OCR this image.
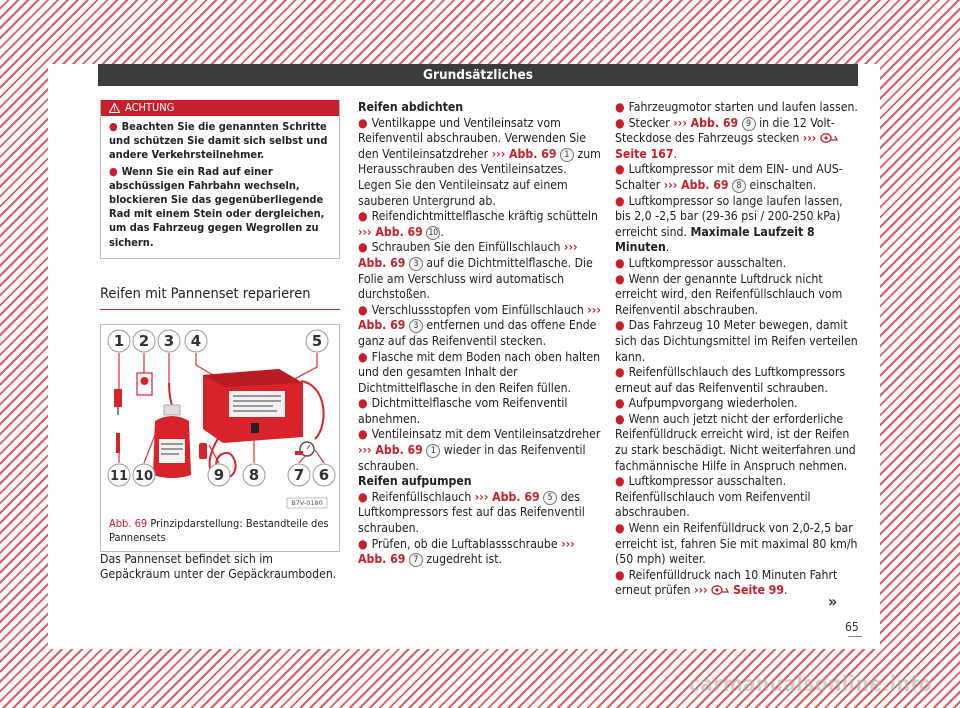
Grundsätzliches
ACHTUNG

● Beachten Sie die genannten Schritte und schützen Sie damit sich selbst und andere Verkehrsteilnehmer.

● Wenn Sie ein Rad auf einer abschüssigen Fahrbahn wechseln, blockieren Sie das gegenüberliegende Rad mit einem Stein oder dergleichen, um das Fahrzeug gegen Wegrollen zu sichern.

Reifen mit Pannenset reparieren
1 2 3 4	5
11 10	9 8 7 6
B7V-0180
Abb. 69 Prinzipdarstellung: Bestandteile des Pannensets

Das Pannenset befindet sich im Gepäckraum unter der Gepäckraumboden.

Reifen abdichten

● Ventilkappe und Ventileinsatz vom Reifenventil abschrauben. Verwenden Sie den Ventileinsatzdreher ››› Abb. 69 1 zum Herausschrauben des Ventileinsatzes. Legen Sie den Ventileinsatz auf einem sauberen Untergrund ab.

● Reifendichtmittelflasche kräftig schütteln ››› Abb. 69 10 .

● Schrauben Sie den Einfüllschlauch ››› Abb. 69 3 auf die Dichtmittelflasche. Die Folie am Verschluss wird automatisch durchstoßen.

● Verschlussstopfen vom Einfüllschlauch ››› Abb. 69 3 entfernen und das offene Ende ganz auf das Reifenventil stecken.

● Flasche mit dem Boden nach oben halten und den gesamten Inhalt der Dichtmittelflasche in den Reifen füllen.

● Dichtmittelflasche vom Reifenventil abnehmen.

● Ventileinsatz mit dem Ventileinsatzdreher ››› Abb. 69 1 wieder in das Reifenventil schrauben.

Reifen aufpumpen

● Reifenfüllschlauch ››› Abb. 69 5 des Luftkompressors fest auf das Reifenventil schrauben.

● Prüfen, ob die Luftablassschraube ››› Abb. 69 7 zugedreht ist.

● Fahrzeugmotor starten und laufen lassen.

● Stecker ››› Abb. 69 9 in die 12 Volt-Steckdose des Fahrzeugs stecken ›››  Seite 167.

● Luftkompressor mit dem EIN- und AUS-Schalter ››› Abb. 69 8 einschalten.

● Luftkompressor so lange laufen lassen, bis 2,0 -2,5 bar (29-36 psi / 200-250 kPa) erreicht sind. Maximale Laufzeit 8 Minuten.

● Luftkompressor ausschalten.

● Wenn der genannte Luftdruck nicht erreicht wird, den Reifenfüllschlauch vom Reifenventil abschrauben.

● Das Fahrzeug 10 Meter bewegen, damit sich das Dichtungsmittel im Reifen verteilen kann.

● Reifenfüllschlauch des Luftkompressors erneut auf das Reifenventil schrauben.

● Aufpumpvorgang wiederholen.

● Wenn auch jetzt nicht der erforderliche Reifenfülldruck erreicht wird, ist der Reifen zu stark beschädigt. Nicht weiterfahren und fachmännische Hilfe in Anspruch nehmen.

● Luftkompressor ausschalten. Reifenfüllschlauch vom Reifenventil abschrauben.

● Wenn ein Reifenfülldruck von 2,0-2,5 bar erreicht ist, fahren Sie mit maximal 80 km/h (50 mph) weiter.

● Reifenfülldruck nach 10 Minuten Fahrt erneut prüfen ››› Seite 99.

»
65
carmanualsonline.info
